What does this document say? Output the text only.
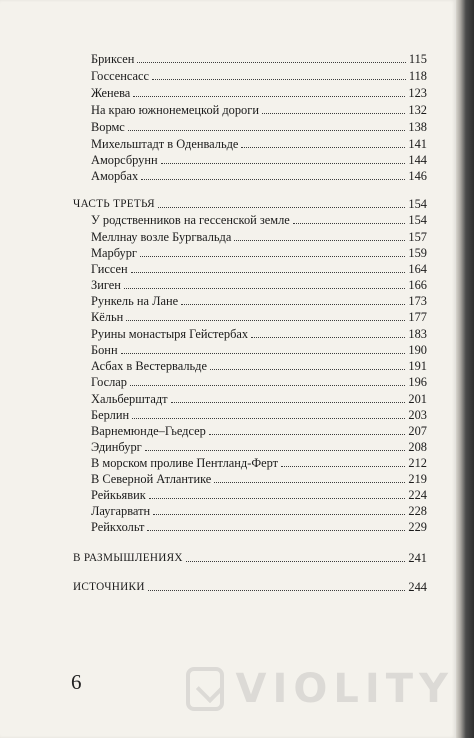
Бриксен	115
Госсенсасс	118
Женева	123
На краю южнонемецкой дороги	132
Вормс	138
Михельштадт в Оденвальде	141
Аморсбрунн	144
Аморбах	146
ЧАСТЬ ТРЕТЬЯ	154
У родственников на гессенской земле	154
Меллнау возле Бургвальда	157
Марбург	159
Гиссен	164
Зиген	166
Рункель на Лане	173
Кёльн	177
Руины монастыря Гейстербах	183
Бонн	190
Асбах в Вестервальде	191
Гослар	196
Хальберштадт	201
Берлин	203
Варнемюнде–Гьедсер	207
Эдинбург	208
В морском проливе Пентланд-Ферт	212
В Северной Атлантике	219
Рейкьявик	224
Лаугарватн	228
Рейкхольт	229
В РАЗМЫШЛЕНИЯХ	241
ИСТОЧНИКИ	244
6	VIOLITY
